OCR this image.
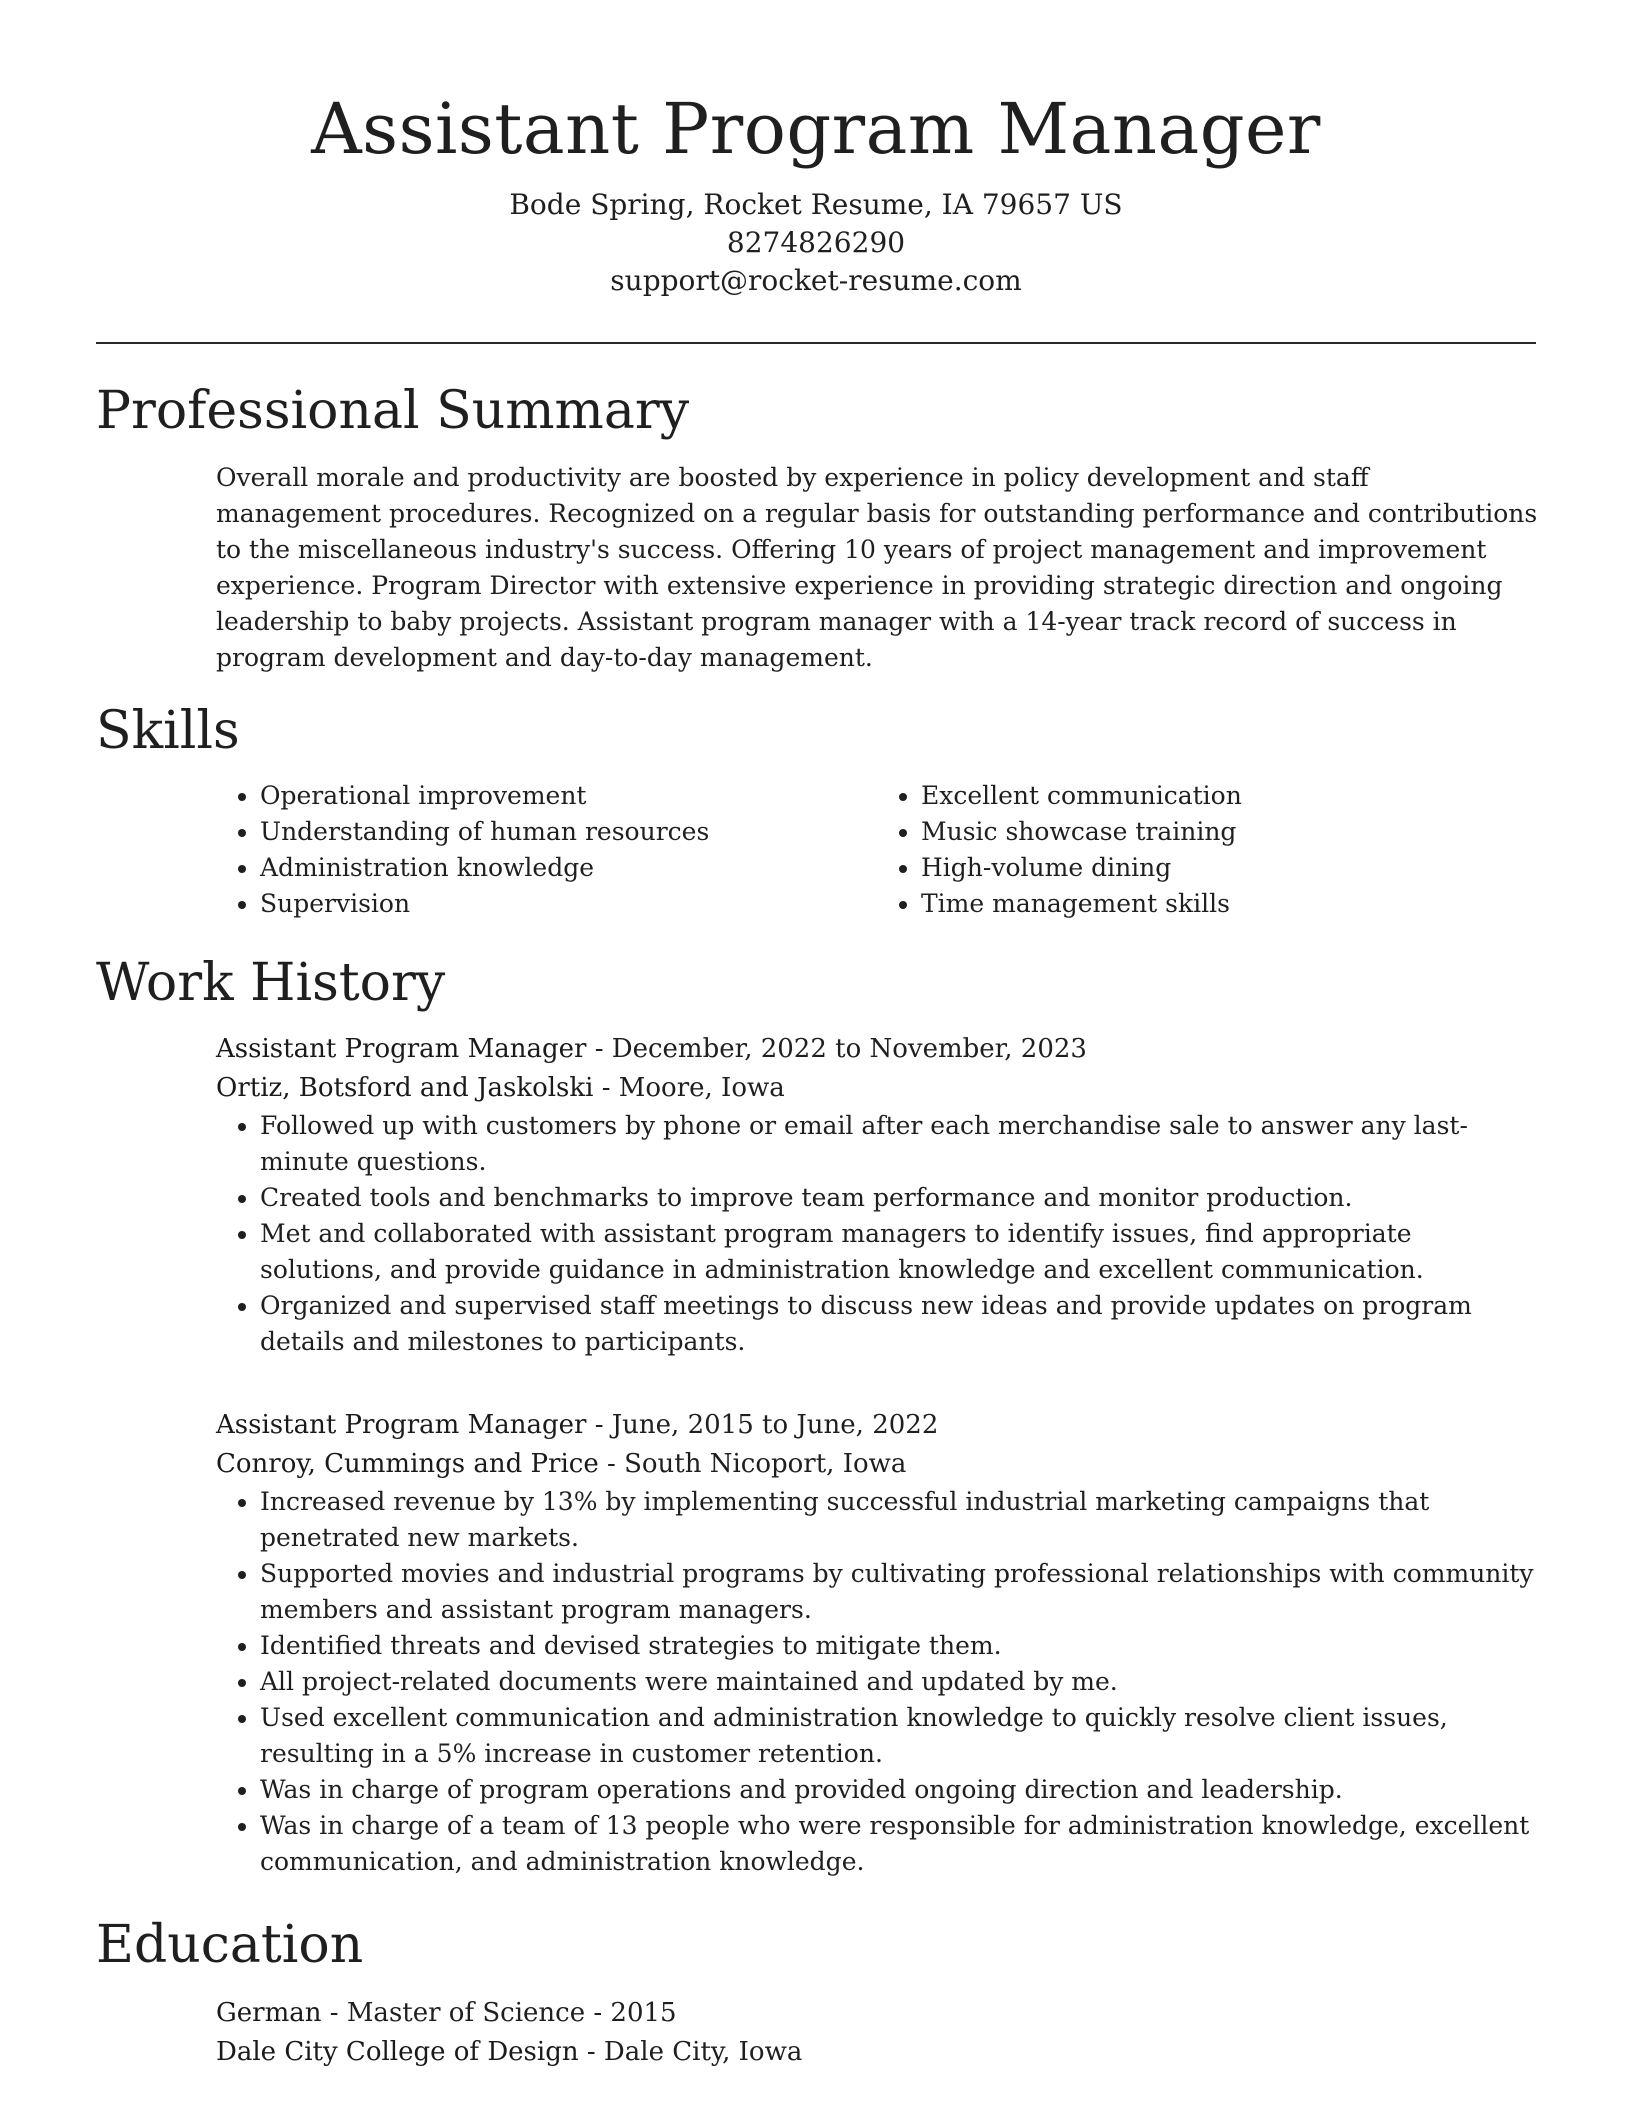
Assistant Program Manager
Bode Spring, Rocket Resume, IA 79657 US
8274826290
support@rocket-resume.com
Professional Summary

Overall morale and productivity are boosted by experience in policy development and staff management procedures. Recognized on a regular basis for outstanding performance and contributions to the miscellaneous industry's success. Offering 10 years of project management and improvement experience. Program Director with extensive experience in providing strategic direction and ongoing leadership to baby projects. Assistant program manager with a 14-year track record of success in program development and day-to-day management.

Skills
• Operational improvement
• Understanding of human resources
• Administration knowledge
• Supervision
• Excellent communication
• Music showcase training
• High-volume dining
• Time management skills
Work History
Assistant Program Manager - December, 2022 to November, 2023
Ortiz, Botsford and Jaskolski - Moore, Iowa
• Followed up with customers by phone or email after each merchandise sale to answer any last-minute questions.
• Created tools and benchmarks to improve team performance and monitor production.
• Met and collaborated with assistant program managers to identify issues, find appropriate solutions, and provide guidance in administration knowledge and excellent communication.
• Organized and supervised staff meetings to discuss new ideas and provide updates on program details and milestones to participants.
Assistant Program Manager - June, 2015 to June, 2022
Conroy, Cummings and Price - South Nicoport, Iowa
• Increased revenue by 13% by implementing successful industrial marketing campaigns that penetrated new markets.
• Supported movies and industrial programs by cultivating professional relationships with community members and assistant program managers.
• Identified threats and devised strategies to mitigate them.
• All project-related documents were maintained and updated by me.
• Used excellent communication and administration knowledge to quickly resolve client issues, resulting in a 5% increase in customer retention.
• Was in charge of program operations and provided ongoing direction and leadership.
• Was in charge of a team of 13 people who were responsible for administration knowledge, excellent communication, and administration knowledge.
Education
German - Master of Science - 2015
Dale City College of Design - Dale City, Iowa
